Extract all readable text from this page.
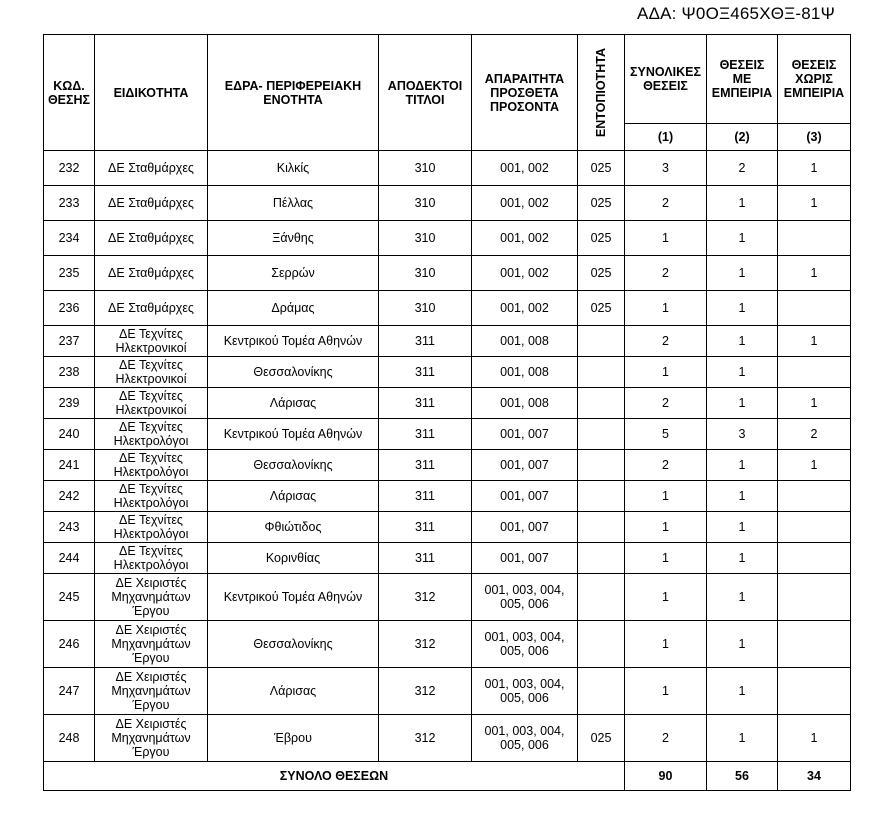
ΑΔΑ: Ψ0ΟΞ465ΧΘΞ-81Ψ
ΚΩΔ. ΘΕΣΗΣ	ΕΙΔΙΚΟΤΗΤΑ	ΕΔΡΑ- ΠΕΡΙΦΕΡΕΙΑΚΗ ΕΝΟΤΗΤΑ	ΑΠΟΔΕΚΤΟΙ ΤΙΤΛΟΙ	ΑΠΑΡΑΙΤΗΤΑ ΠΡΟΣΘΕΤΑ ΠΡΟΣΟΝΤΑ	ΕΝΤΟΠΙΟΤΗΤΑ	ΣΥΝΟΛΙΚΕΣ ΘΕΣΕΙΣ	ΘΕΣΕΙΣ ΜΕ ΕΜΠΕΙΡΙΑ	ΘΕΣΕΙΣ ΧΩΡΙΣ ΕΜΠΕΙΡΙΑ
						(1)	(2)	(3)
232	ΔΕ Σταθμάρχες	Κιλκίς	310	001, 002	025	3	2	1
233	ΔΕ Σταθμάρχες	Πέλλας	310	001, 002	025	2	1	1
234	ΔΕ Σταθμάρχες	Ξάνθης	310	001, 002	025	1	1	
235	ΔΕ Σταθμάρχες	Σερρών	310	001, 002	025	2	1	1
236	ΔΕ Σταθμάρχες	Δράμας	310	001, 002	025	1	1	
237	ΔΕ Τεχνίτες Ηλεκτρονικοί	Κεντρικού Τομέα Αθηνών	311	001, 008		2	1	1
238	ΔΕ Τεχνίτες Ηλεκτρονικοί	Θεσσαλονίκης	311	001, 008		1	1	
239	ΔΕ Τεχνίτες Ηλεκτρονικοί	Λάρισας	311	001, 008		2	1	1
240	ΔΕ Τεχνίτες Ηλεκτρολόγοι	Κεντρικού Τομέα Αθηνών	311	001, 007		5	3	2
241	ΔΕ Τεχνίτες Ηλεκτρολόγοι	Θεσσαλονίκης	311	001, 007		2	1	1
242	ΔΕ Τεχνίτες Ηλεκτρολόγοι	Λάρισας	311	001, 007		1	1	
243	ΔΕ Τεχνίτες Ηλεκτρολόγοι	Φθιώτιδος	311	001, 007		1	1	
244	ΔΕ Τεχνίτες Ηλεκτρολόγοι	Κορινθίας	311	001, 007		1	1	
245	ΔΕ Χειριστές Μηχανημάτων Έργου	Κεντρικού Τομέα Αθηνών	312	001, 003, 004, 005, 006		1	1	
246	ΔΕ Χειριστές Μηχανημάτων Έργου	Θεσσαλονίκης	312	001, 003, 004, 005, 006		1	1	
247	ΔΕ Χειριστές Μηχανημάτων Έργου	Λάρισας	312	001, 003, 004, 005, 006		1	1	
248	ΔΕ Χειριστές Μηχανημάτων Έργου	Έβρου	312	001, 003, 004, 005, 006	025	2	1	1
ΣΥΝΟΛΟ ΘΕΣΕΩΝ						90	56	34
